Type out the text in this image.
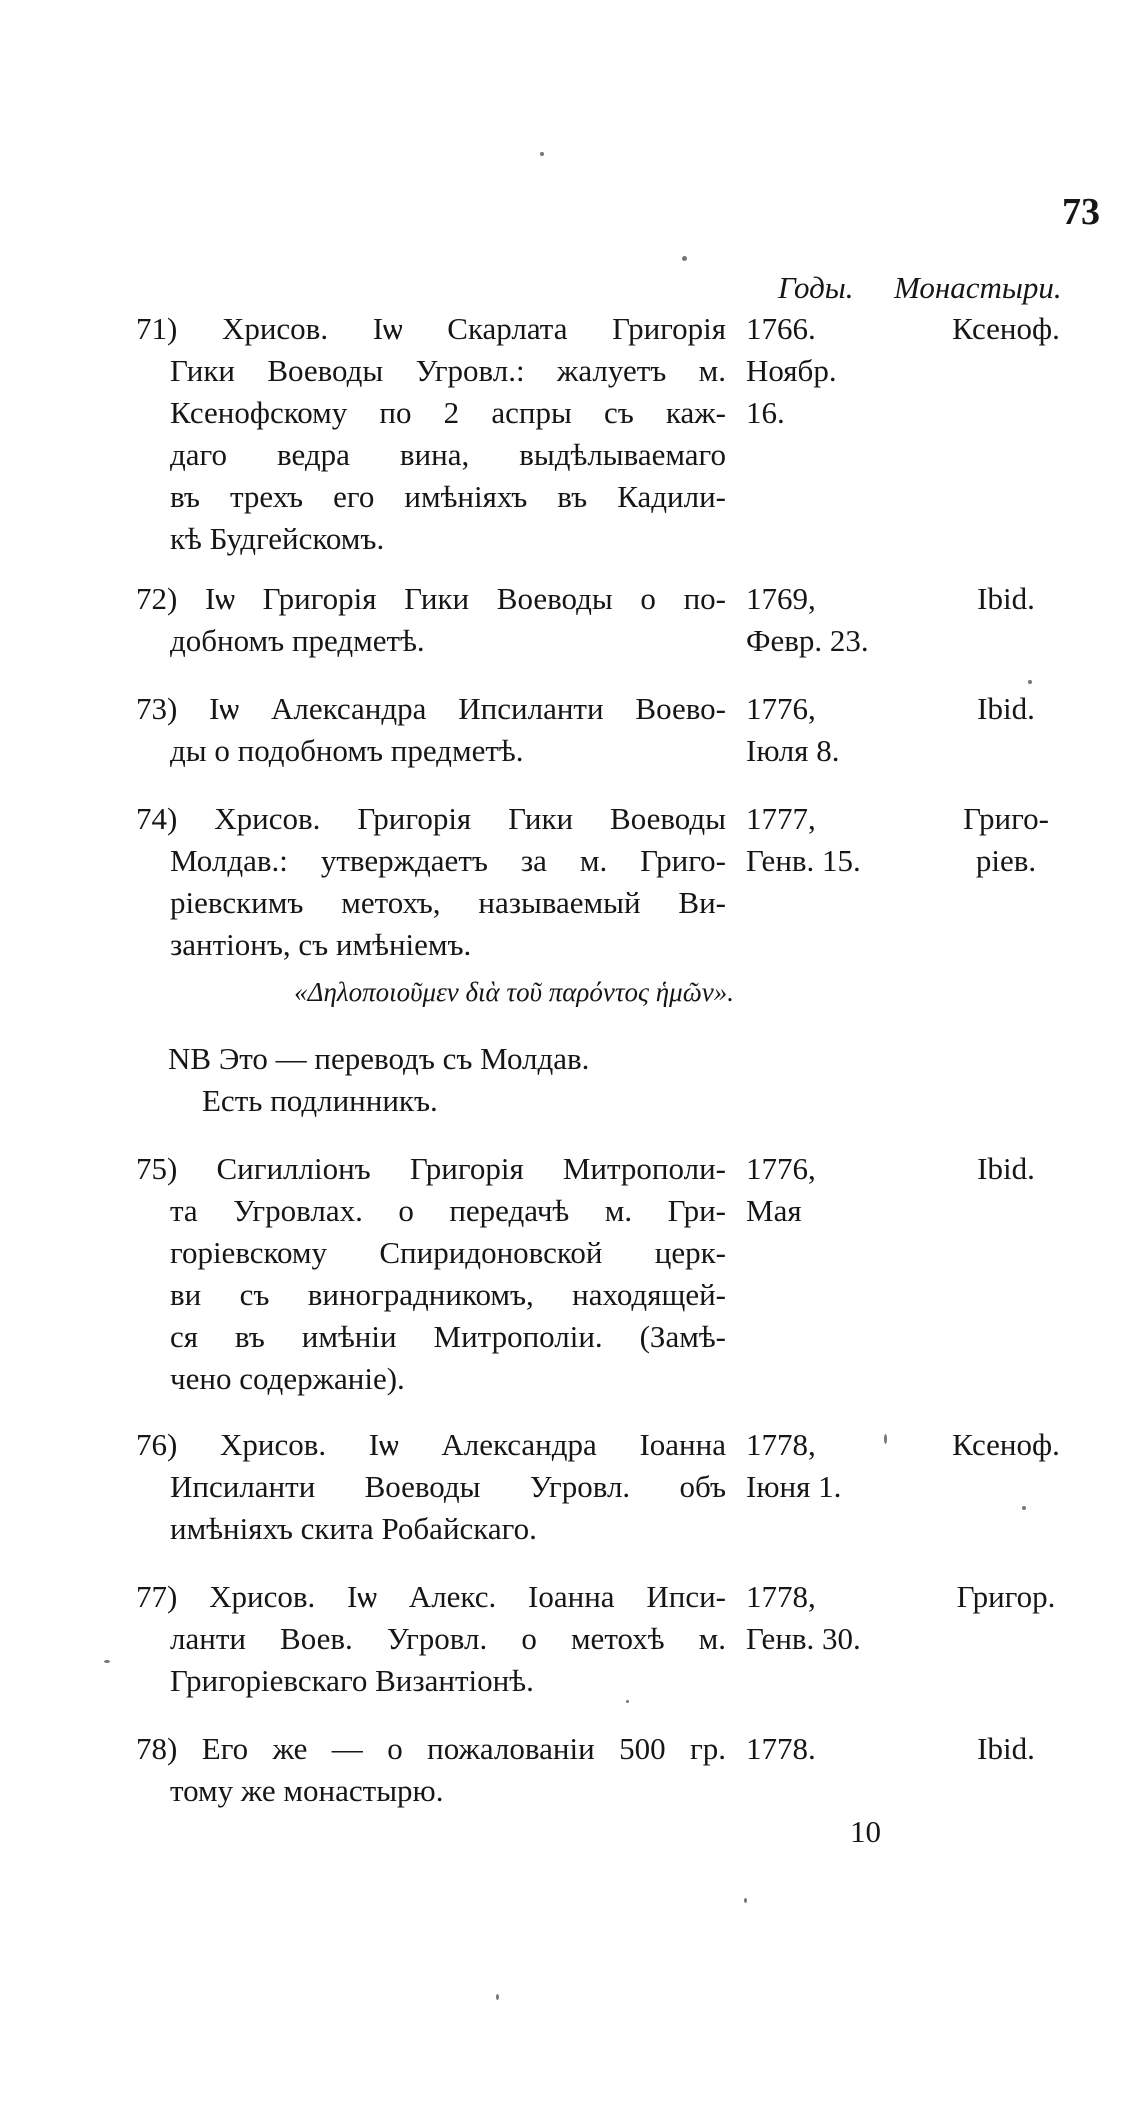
73
Годы. Монастыри.
71) Хрисов. Іѡ Скарлата Григорія
Гики Воеводы Угровл.: жалуетъ м.
Ксенофскому по 2 аспры съ каж-
даго ведра вина, выдѣлываемаго
въ трехъ его имѣніяхъ въ Кадили-
кѣ Будгейскомъ.
1766.
Ноябр.
16.
Ксеноф.
72) Іѡ Григорія Гики Воеводы о по-
добномъ предметѣ.
1769,
Февр. 23.
Ibid.
73) Іѡ Александра Ипсиланти Воево-
ды о подобномъ предметѣ.
1776,
Іюля 8.
Ibid.
74) Хрисов. Григорія Гики Воеводы
Молдав.: утверждаетъ за м. Григо-
ріевскимъ метохъ, называемый Ви-
зантіонъ, съ имѣніемъ.
1777,
Генв. 15.
Григо-
ріев.
«Δηλοποιοῦμεν διὰ τοῦ παρόντος ἡμῶν».
NB Это — переводъ съ Молдав.
Есть подлинникъ.
75) Сигилліонъ Григорія Митрополи-
та Угровлах. о передачѣ м. Гри-
горіевскому Спиридоновской церк-
ви съ виноградникомъ, находящей-
ся въ имѣніи Митрополіи. (Замѣ-
чено содержаніе).
1776,
Мая
Ibid.
76) Хрисов. Іѡ Александра Іоанна
Ипсиланти Воеводы Угровл. объ
имѣніяхъ скита Робайскаго.
1778,
Іюня 1.
Ксеноф.
77) Хрисов. Іѡ Алекс. Іоанна Ипси-
ланти Воев. Угровл. о метохѣ м.
Григоріевскаго Византіонѣ.
1778,
Генв. 30.
Григор.
78) Его же — о пожалованіи 500 гр.
тому же монастырю.
1778.	Ibid.
10
